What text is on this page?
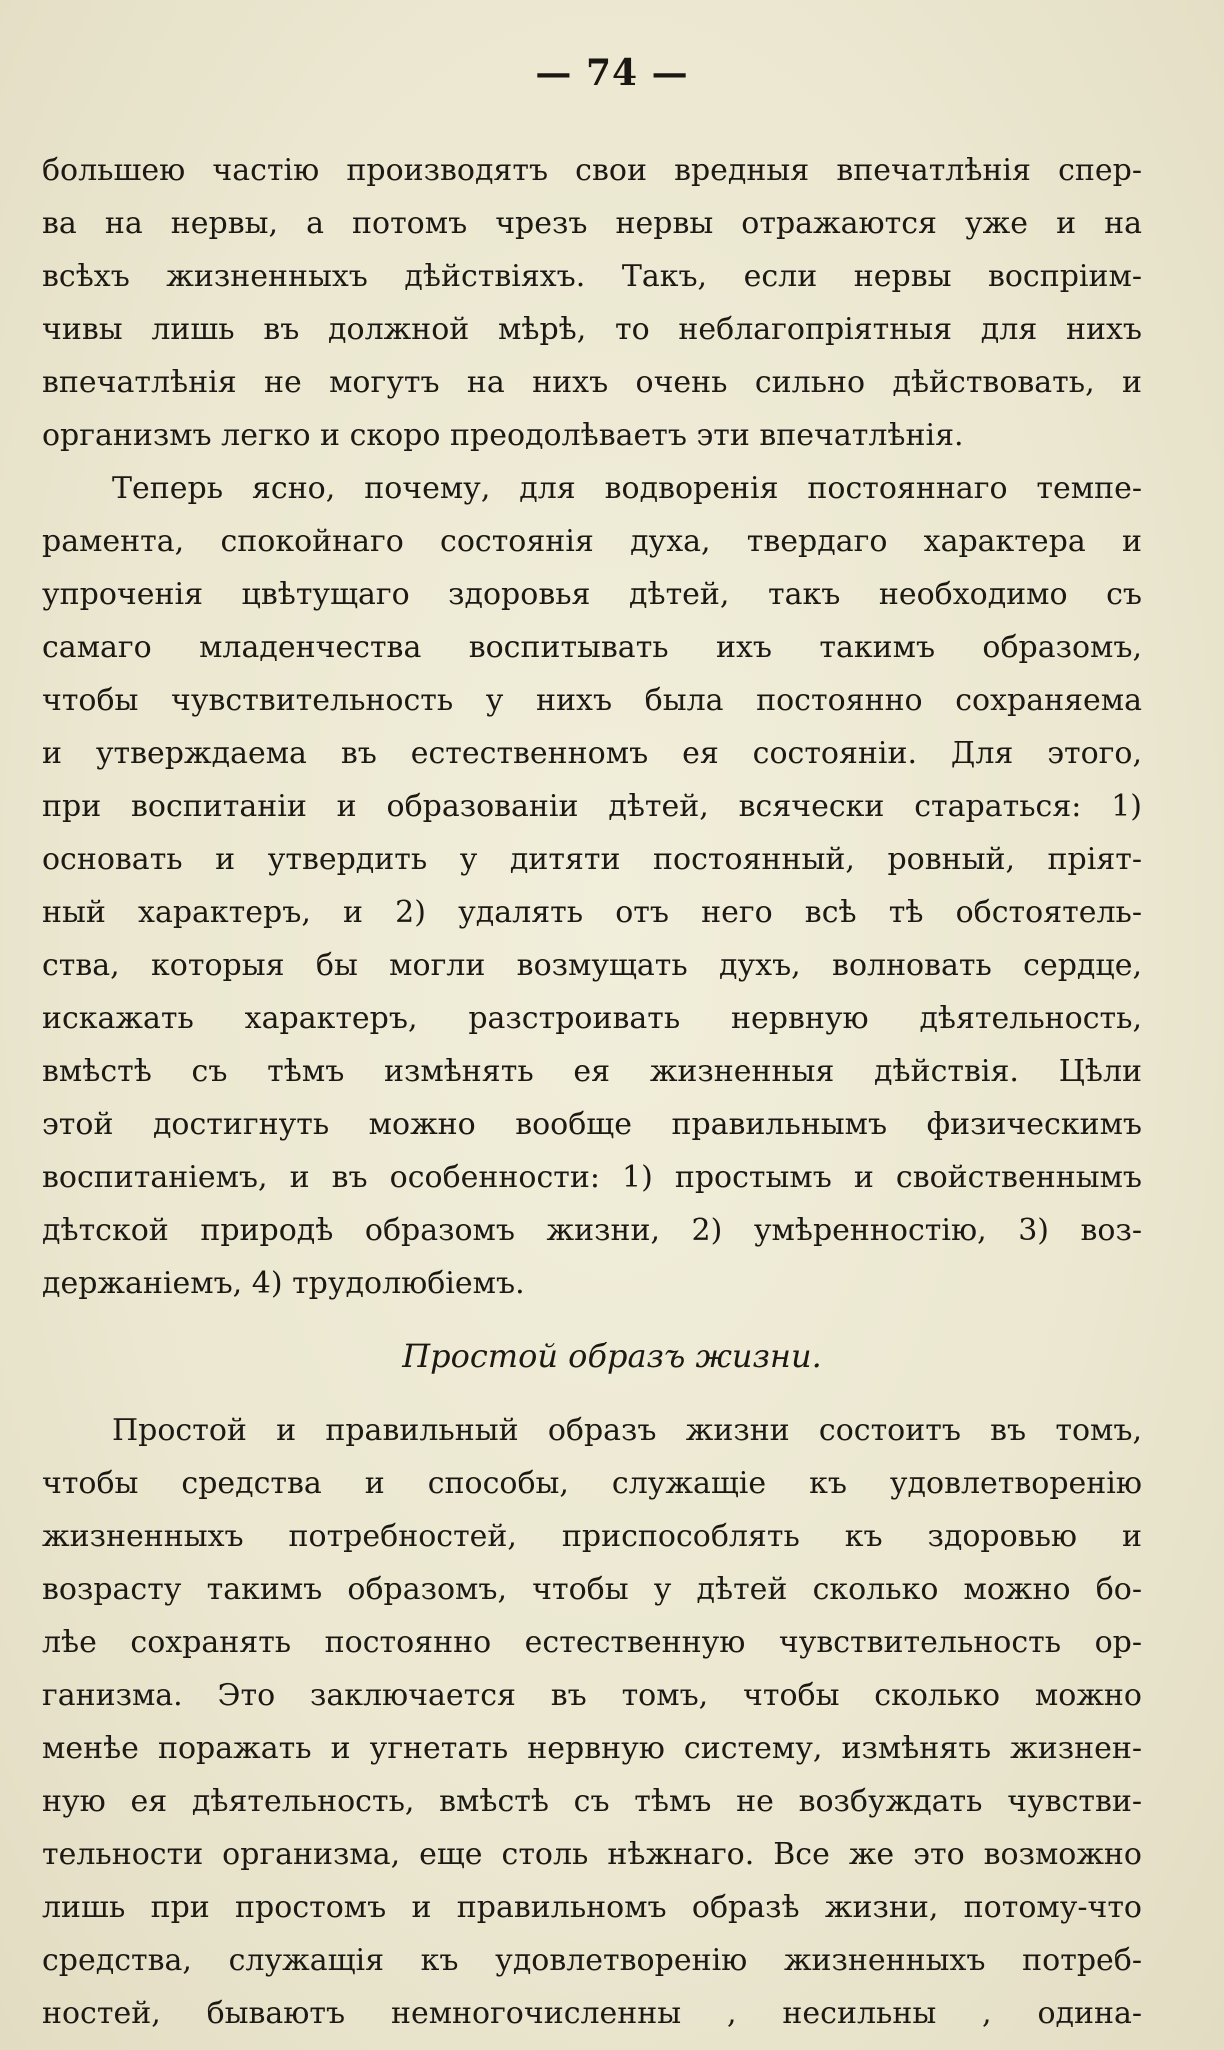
— 74 —
большею частію производятъ свои вредныя впечатлѣнія спер-
ва на нервы, а потомъ чрезъ нервы отражаются уже и на
всѣхъ жизненныхъ дѣйствіяхъ. Такъ, если нервы воспріим-
чивы лишь въ должной мѣрѣ, то неблагопріятныя для нихъ
впечатлѣнія не могутъ на нихъ очень сильно дѣйствовать, и
организмъ легко и скоро преодолѣваетъ эти впечатлѣнія.
Теперь ясно, почему, для водворенія постояннаго темпе-
рамента, спокойнаго состоянія духа, твердаго характера и
упроченія цвѣтущаго здоровья дѣтей, такъ необходимо съ
самаго младенчества воспитывать ихъ такимъ образомъ,
чтобы чувствительность у нихъ была постоянно сохраняема
и утверждаема въ естественномъ ея состояніи. Для этого,
при воспитаніи и образованіи дѣтей, всячески стараться: 1)
основать и утвердить у дитяти постоянный, ровный, пріят-
ный характеръ, и 2) удалять отъ него всѣ тѣ обстоятель-
ства, которыя бы могли возмущать духъ, волновать сердце,
искажать характеръ, разстроивать нервную дѣятельность,
вмѣстѣ съ тѣмъ измѣнять ея жизненныя дѣйствія. Цѣли
этой достигнуть можно вообще правильнымъ физическимъ
воспитаніемъ, и въ особенности: 1) простымъ и свойственнымъ
дѣтской природѣ образомъ жизни, 2) умѣренностію, 3) воз-
держаніемъ, 4) трудолюбіемъ.
Простой образъ жизни.
Простой и правильный образъ жизни состоитъ въ томъ,
чтобы средства и способы, служащіе къ удовлетворенію
жизненныхъ потребностей, приспособлять къ здоровью и
возрасту такимъ образомъ, чтобы у дѣтей сколько можно бо-
лѣе сохранять постоянно естественную чувствительность ор-
ганизма. Это заключается въ томъ, чтобы сколько можно
менѣе поражать и угнетать нервную систему, измѣнять жизнен-
ную ея дѣятельность, вмѣстѣ съ тѣмъ не возбуждать чувстви-
тельности организма, еще столь нѣжнаго. Все же это возможно
лишь при простомъ и правильномъ образѣ жизни, потому-что
средства, служащія къ удовлетворенію жизненныхъ потреб-
ностей, бываютъ немногочисленны , несильны , одина-
